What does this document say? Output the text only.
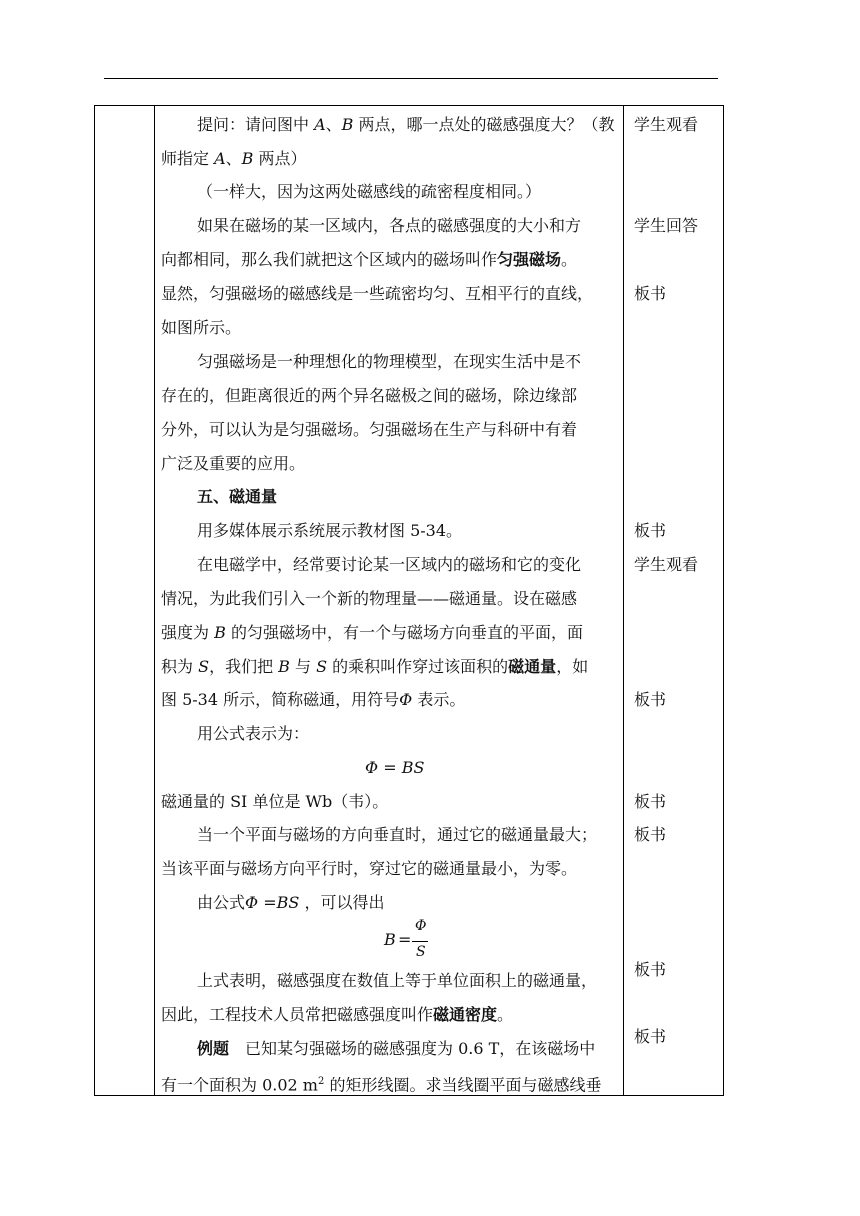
提问：请问图中 A、B 两点，哪一点处的磁感强度大？（教
师指定 A、B 两点）
（一样大，因为这两处磁感线的疏密程度相同。）
如果在磁场的某一区域内，各点的磁感强度的大小和方
向都相同，那么我们就把这个区域内的磁场叫作匀强磁场。
显然，匀强磁场的磁感线是一些疏密均匀、互相平行的直线，
如图所示。
匀强磁场是一种理想化的物理模型，在现实生活中是不
存在的，但距离很近的两个异名磁极之间的磁场，除边缘部
分外，可以认为是匀强磁场。匀强磁场在生产与科研中有着
广泛及重要的应用。
五、磁通量
用多媒体展示系统展示教材图 5-34。
在电磁学中，经常要讨论某一区域内的磁场和它的变化
情况，为此我们引入一个新的物理量——磁通量。设在磁感
强度为 B 的匀强磁场中，有一个与磁场方向垂直的平面，面
积为 S，我们把 B 与 S 的乘积叫作穿过该面积的磁通量，如
图 5-34 所示，简称磁通，用符号Φ 表示。
用公式表示为：
Φ = BS
磁通量的 SI 单位是 Wb（韦）。
当一个平面与磁场的方向垂直时，通过它的磁通量最大；
当该平面与磁场方向平行时，穿过它的磁通量最小，为零。
由公式Φ =BS ，可以得出
B =
Φ
S
上式表明，磁感强度在数值上等于单位面积上的磁通量，
因此，工程技术人员常把磁感强度叫作磁通密度。
例题　已知某匀强磁场的磁感强度为 0.6 T，在该磁场中
有一个面积为 0.02 $m^2$ 的矩形线圈。求当线圈平面与磁感线垂
学生观看
学生回答
板书
板书
学生观看
板书
板书
板书
板书
板书
